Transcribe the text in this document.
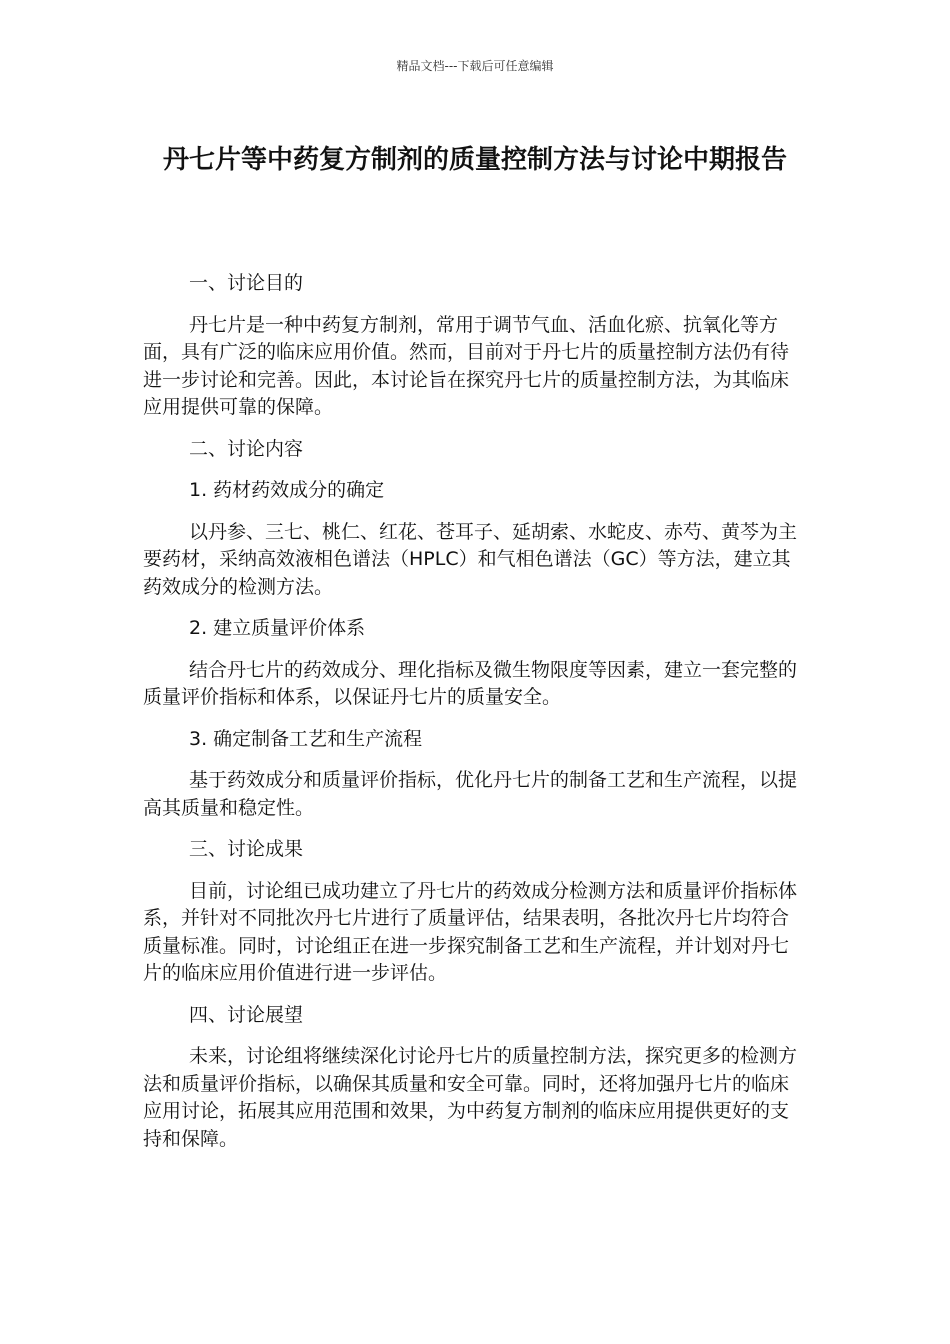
精品文档---下载后可任意编辑
丹七片等中药复方制剂的质量控制方法与讨论中期报告
一、讨论目的

丹七片是一种中药复方制剂，常用于调节气血、活血化瘀、抗氧化等方面，具有广泛的临床应用价值。然而，目前对于丹七片的质量控制方法仍有待进一步讨论和完善。因此，本讨论旨在探究丹七片的质量控制方法，为其临床应用提供可靠的保障。

二、讨论内容
1. 药材药效成分的确定

以丹参、三七、桃仁、红花、苍耳子、延胡索、水蛇皮、赤芍、黄芩为主要药材，采纳高效液相色谱法（HPLC）和气相色谱法（GC）等方法，建立其药效成分的检测方法。

2. 建立质量评价体系

结合丹七片的药效成分、理化指标及微生物限度等因素，建立一套完整的质量评价指标和体系，以保证丹七片的质量安全。

3. 确定制备工艺和生产流程

基于药效成分和质量评价指标，优化丹七片的制备工艺和生产流程，以提高其质量和稳定性。

三、讨论成果

目前，讨论组已成功建立了丹七片的药效成分检测方法和质量评价指标体系，并针对不同批次丹七片进行了质量评估，结果表明，各批次丹七片均符合质量标准。同时，讨论组正在进一步探究制备工艺和生产流程，并计划对丹七片的临床应用价值进行进一步评估。

四、讨论展望

未来，讨论组将继续深化讨论丹七片的质量控制方法，探究更多的检测方法和质量评价指标，以确保其质量和安全可靠。同时，还将加强丹七片的临床应用讨论，拓展其应用范围和效果，为中药复方制剂的临床应用提供更好的支持和保障。
